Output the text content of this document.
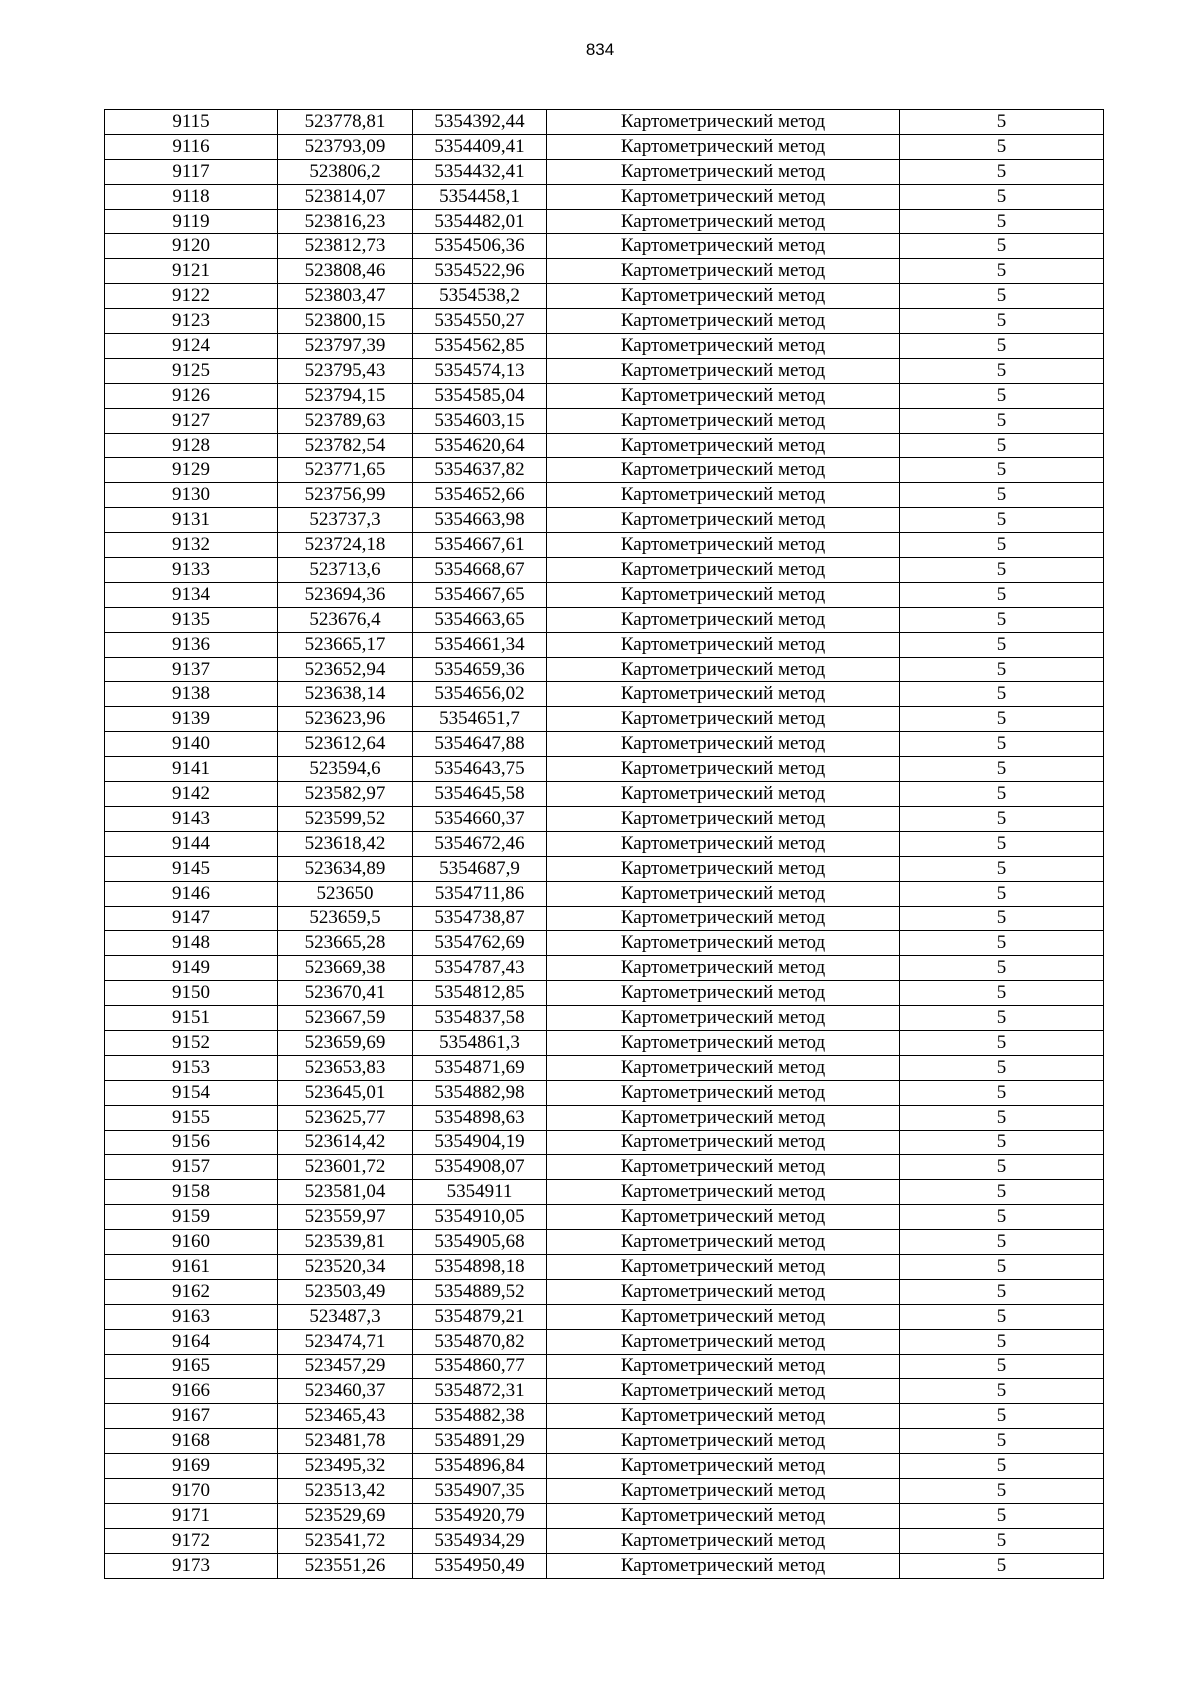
834
9115	523778,81	5354392,44	Картометрический метод	5
9116	523793,09	5354409,41	Картометрический метод	5
9117	523806,2	5354432,41	Картометрический метод	5
9118	523814,07	5354458,1	Картометрический метод	5
9119	523816,23	5354482,01	Картометрический метод	5
9120	523812,73	5354506,36	Картометрический метод	5
9121	523808,46	5354522,96	Картометрический метод	5
9122	523803,47	5354538,2	Картометрический метод	5
9123	523800,15	5354550,27	Картометрический метод	5
9124	523797,39	5354562,85	Картометрический метод	5
9125	523795,43	5354574,13	Картометрический метод	5
9126	523794,15	5354585,04	Картометрический метод	5
9127	523789,63	5354603,15	Картометрический метод	5
9128	523782,54	5354620,64	Картометрический метод	5
9129	523771,65	5354637,82	Картометрический метод	5
9130	523756,99	5354652,66	Картометрический метод	5
9131	523737,3	5354663,98	Картометрический метод	5
9132	523724,18	5354667,61	Картометрический метод	5
9133	523713,6	5354668,67	Картометрический метод	5
9134	523694,36	5354667,65	Картометрический метод	5
9135	523676,4	5354663,65	Картометрический метод	5
9136	523665,17	5354661,34	Картометрический метод	5
9137	523652,94	5354659,36	Картометрический метод	5
9138	523638,14	5354656,02	Картометрический метод	5
9139	523623,96	5354651,7	Картометрический метод	5
9140	523612,64	5354647,88	Картометрический метод	5
9141	523594,6	5354643,75	Картометрический метод	5
9142	523582,97	5354645,58	Картометрический метод	5
9143	523599,52	5354660,37	Картометрический метод	5
9144	523618,42	5354672,46	Картометрический метод	5
9145	523634,89	5354687,9	Картометрический метод	5
9146	523650	5354711,86	Картометрический метод	5
9147	523659,5	5354738,87	Картометрический метод	5
9148	523665,28	5354762,69	Картометрический метод	5
9149	523669,38	5354787,43	Картометрический метод	5
9150	523670,41	5354812,85	Картометрический метод	5
9151	523667,59	5354837,58	Картометрический метод	5
9152	523659,69	5354861,3	Картометрический метод	5
9153	523653,83	5354871,69	Картометрический метод	5
9154	523645,01	5354882,98	Картометрический метод	5
9155	523625,77	5354898,63	Картометрический метод	5
9156	523614,42	5354904,19	Картометрический метод	5
9157	523601,72	5354908,07	Картометрический метод	5
9158	523581,04	5354911	Картометрический метод	5
9159	523559,97	5354910,05	Картометрический метод	5
9160	523539,81	5354905,68	Картометрический метод	5
9161	523520,34	5354898,18	Картометрический метод	5
9162	523503,49	5354889,52	Картометрический метод	5
9163	523487,3	5354879,21	Картометрический метод	5
9164	523474,71	5354870,82	Картометрический метод	5
9165	523457,29	5354860,77	Картометрический метод	5
9166	523460,37	5354872,31	Картометрический метод	5
9167	523465,43	5354882,38	Картометрический метод	5
9168	523481,78	5354891,29	Картометрический метод	5
9169	523495,32	5354896,84	Картометрический метод	5
9170	523513,42	5354907,35	Картометрический метод	5
9171	523529,69	5354920,79	Картометрический метод	5
9172	523541,72	5354934,29	Картометрический метод	5
9173	523551,26	5354950,49	Картометрический метод	5
